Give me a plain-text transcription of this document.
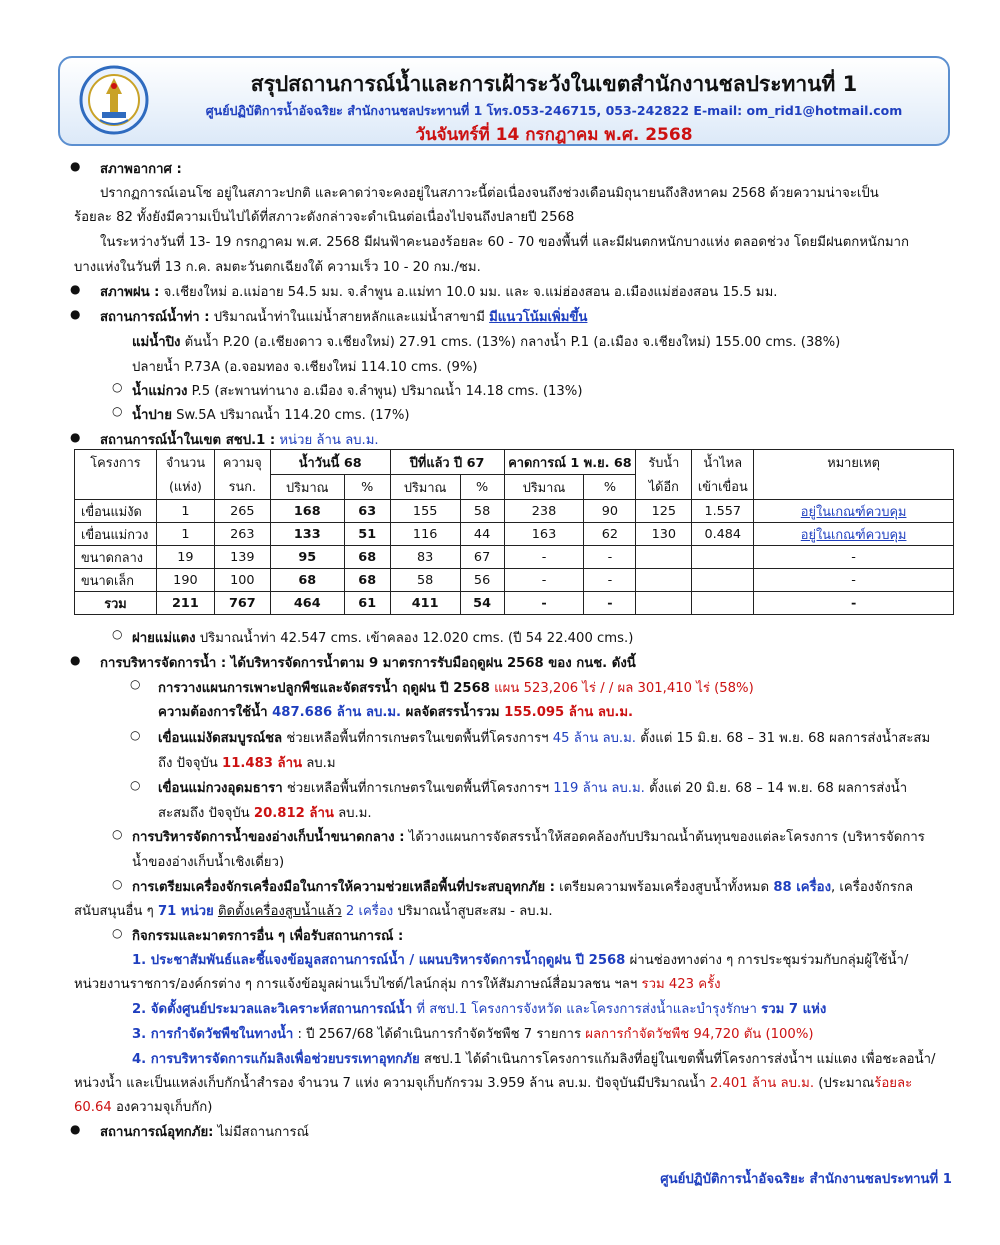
สรุปสถานการณ์น้ำและการเฝ้าระวังในเขตสำนักงานชลประทานที่ 1
ศูนย์ปฏิบัติการน้ำอัจฉริยะ สำนักงานชลประทานที่ 1 โทร.053-246715, 053-242822 E-mail: om_rid1@hotmail.com
วันจันทร์ที่ 14 กรกฎาคม พ.ศ. 2568
● สภาพอากาศ :
ปรากฏการณ์เอนโซ อยู่ในสภาวะปกติ และคาดว่าจะคงอยู่ในสภาวะนี้ต่อเนื่องจนถึงช่วงเดือนมิถุนายนถึงสิงหาคม 2568 ด้วยความน่าจะเป็น
ร้อยละ 82 ทั้งยังมีความเป็นไปได้ที่สภาวะดังกล่าวจะดำเนินต่อเนื่องไปจนถึงปลายปี 2568
ในระหว่างวันที่ 13- 19 กรกฎาคม พ.ศ. 2568 มีฝนฟ้าคะนองร้อยละ 60 - 70 ของพื้นที่ และมีฝนตกหนักบางแห่ง ตลอดช่วง โดยมีฝนตกหนักมาก
บางแห่งในวันที่ 13 ก.ค. ลมตะวันตกเฉียงใต้ ความเร็ว 10 - 20 กม./ชม.
● สภาพฝน : จ.เชียงใหม่ อ.แม่อาย 54.5 มม. จ.ลำพูน อ.แม่ทา 10.0 มม. และ จ.แม่ฮ่องสอน อ.เมืองแม่ฮ่องสอน 15.5 มม.
● สถานการณ์น้ำท่า : ปริมาณน้ำท่าในแม่น้ำสายหลักและแม่น้ำสาขามี มีแนวโน้มเพิ่มขึ้น
แม่น้ำปิง ต้นน้ำ P.20 (อ.เชียงดาว จ.เชียงใหม่) 27.91 cms. (13%) กลางน้ำ P.1 (อ.เมือง จ.เชียงใหม่) 155.00 cms. (38%)
ปลายน้ำ P.73A (อ.จอมทอง จ.เชียงใหม่ 114.10 cms. (9%)
○ น้ำแม่กวง P.5 (สะพานท่านาง อ.เมือง จ.ลำพูน) ปริมาณน้ำ 14.18 cms. (13%)
○ น้ำปาย Sw.5A ปริมาณน้ำ 114.20 cms. (17%)
● สถานการณ์น้ำในเขต สชป.1 : หน่วย ล้าน ลบ.ม.
โครงการ	จำนวน	ความจุ	น้ำวันนี้ 68		ปีที่แล้ว ปี 67		คาดการณ์ 1 พ.ย. 68		รับน้ำ	น้ำไหล	หมายเหตุ
	(แห่ง)	รนก.	ปริมาณ	%	ปริมาณ	%	ปริมาณ	%	ได้อีก	เข้าเขื่อน	
เขื่อนแม่งัด	1	265	168	63	155	58	238	90	125	1.557	อยู่ในเกณฑ์ควบคุม
เขื่อนแม่กวง	1	263	133	51	116	44	163	62	130	0.484	อยู่ในเกณฑ์ควบคุม
ขนาดกลาง	19	139	95	68	83	67	-	-			-
ขนาดเล็ก	190	100	68	68	58	56	-	-			-
รวม	211	767	464	61	411	54	-	-			-
○ ฝายแม่แตง ปริมาณน้ำท่า 42.547 cms. เข้าคลอง 12.020 cms. (ปี 54 22.400 cms.)
● การบริหารจัดการน้ำ : ได้บริหารจัดการน้ำตาม 9 มาตรการรับมือฤดูฝน 2568 ของ กนช. ดังนี้
○ การวางแผนการเพาะปลูกพืชและจัดสรรน้ำ ฤดูฝน ปี 2568 แผน 523,206 ไร่ / / ผล 301,410 ไร่ (58%)
ความต้องการใช้น้ำ 487.686 ล้าน ลบ.ม. ผลจัดสรรน้ำรวม 155.095 ล้าน ลบ.ม.
○ เขื่อนแม่งัดสมบูรณ์ชล ช่วยเหลือพื้นที่การเกษตรในเขตพื้นที่โครงการฯ 45 ล้าน ลบ.ม. ตั้งแต่ 15 มิ.ย. 68 – 31 พ.ย. 68 ผลการส่งน้ำสะสม
ถึง ปัจจุบัน 11.483 ล้าน ลบ.ม
○ เขื่อนแม่กวงอุดมธารา ช่วยเหลือพื้นที่การเกษตรในเขตพื้นที่โครงการฯ 119 ล้าน ลบ.ม. ตั้งแต่ 20 มิ.ย. 68 – 14 พ.ย. 68 ผลการส่งน้ำ
สะสมถึง ปัจจุบัน 20.812 ล้าน ลบ.ม.
○ การบริหารจัดการน้ำของอ่างเก็บน้ำขนาดกลาง : ได้วางแผนการจัดสรรน้ำให้สอดคล้องกับปริมาณน้ำต้นทุนของแต่ละโครงการ (บริหารจัดการ
น้ำของอ่างเก็บน้ำเชิงเดี่ยว)
○ การเตรียมเครื่องจักรเครื่องมือในการให้ความช่วยเหลือพื้นที่ประสบอุทกภัย : เตรียมความพร้อมเครื่องสูบน้ำทั้งหมด 88 เครื่อง, เครื่องจักรกล
สนับสนุนอื่น ๆ 71 หน่วย ติดตั้งเครื่องสูบน้ำแล้ว 2 เครื่อง ปริมาณน้ำสูบสะสม - ลบ.ม.
○ กิจกรรมและมาตรการอื่น ๆ เพื่อรับสถานการณ์ :
1. ประชาสัมพันธ์และชี้แจงข้อมูลสถานการณ์น้ำ / แผนบริหารจัดการน้ำฤดูฝน ปี 2568 ผ่านช่องทางต่าง ๆ การประชุมร่วมกับกลุ่มผู้ใช้น้ำ/
หน่วยงานราชการ/องค์กรต่าง ๆ การแจ้งข้อมูลผ่านเว็บไซต์/ไลน์กลุ่ม การให้สัมภาษณ์สื่อมวลชน ฯลฯ รวม 423 ครั้ง
2. จัดตั้งศูนย์ประมวลและวิเคราะห์สถานการณ์น้ำ ที่ สชป.1 โครงการจังหวัด และโครงการส่งน้ำและบำรุงรักษา รวม 7 แห่ง
3. การกำจัดวัชพืชในทางน้ำ : ปี 2567/68 ได้ดำเนินการกำจัดวัชพืช 7 รายการ ผลการกำจัดวัชพืช 94,720 ตัน (100%)
4. การบริหารจัดการแก้มลิงเพื่อช่วยบรรเทาอุทกภัย สชป.1 ได้ดำเนินการโครงการแก้มลิงที่อยู่ในเขตพื้นที่โครงการส่งน้ำฯ แม่แตง เพื่อชะลอน้ำ/
หน่วงน้ำ และเป็นแหล่งเก็บกักน้ำสำรอง จำนวน 7 แห่ง ความจุเก็บกักรวม 3.959 ล้าน ลบ.ม. ปัจจุบันมีปริมาณน้ำ 2.401 ล้าน ลบ.ม. (ประมาณร้อยละ
60.64 องความจุเก็บกัก)
● สถานการณ์อุทกภัย: ไม่มีสถานการณ์
ศูนย์ปฏิบัติการน้ำอัจฉริยะ สำนักงานชลประทานที่ 1
